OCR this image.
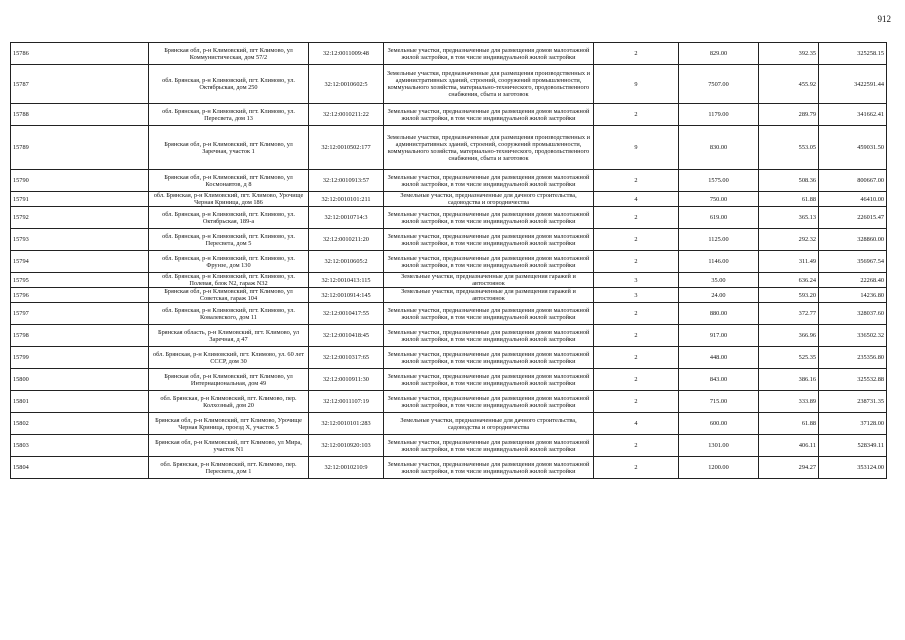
912
15786	Брянская обл, р-н Климовский, пгт Климово, ул Коммунистическая, дом 57/2	32:12:0011009:48	Земельные участки, предназначенные для размещения домов малоэтажной жилой застройки, в том числе индивидуальной жилой застройки	2	829.00	392.35	325258.15
15787	обл. Брянская, р-н Климовский, пгт. Климово, ул. Октябрьская, дом 250	32:12:0010602:5	Земельные участки, предназначенные для размещения производственных и административных зданий, строений, сооружений промышленности, коммунального хозяйства, материально-технического, продовольственного снабжения, сбыта и заготовок	9	7507.00	455.92	3422591.44
15788	обл. Брянская, р-н Климовский, пгт. Климово, ул. Пересвета, дом 13	32:12:0010211:22	Земельные участки, предназначенные для размещения домов малоэтажной жилой застройки, в том числе индивидуальной жилой застройки	2	1179.00	289.79	341662.41
15789	Брянская обл, р-н Климовский, пгт Климово, ул Заречная, участок 1	32:12:0010502:177	Земельные участки, предназначенные для размещения производственных и административных зданий, строений, сооружений промышленности, коммунального хозяйства, материально-технического, продовольственного снабжения, сбыта и заготовок	9	830.00	553.05	459031.50
15790	Брянская обл, р-н Климовский, пгт Климово, ул Космонавтов, д 8	32:12:0010913:57	Земельные участки, предназначенные для размещения домов малоэтажной жилой застройки, в том числе индивидуальной жилой застройки	2	1575.00	508.36	800667.00
15791	обл. Брянская, р-н Климовский, пгт. Климово, Урочище Черная Криница, дом 186	32:12:0010101:211	Земельные участки, предназначенные для дачного строительства, садоводства и огородничества	4	750.00	61.88	46410.00
15792	обл. Брянская, р-н Климовский, пгт. Климово, ул. Октябрьская, 189-а	32:12:0010714:3	Земельные участки, предназначенные для размещения домов малоэтажной жилой застройки, в том числе индивидуальной жилой застройки	2	619.00	365.13	226015.47
15793	обл. Брянская, р-н Климовский, пгт. Климово, ул. Пересвета, дом 5	32:12:0010211:20	Земельные участки, предназначенные для размещения домов малоэтажной жилой застройки, в том числе индивидуальной жилой застройки	2	1125.00	292.32	328860.00
15794	обл. Брянская, р-н Климовский, пгт. Климово, ул. Фрунзе, дом 130	32:12:0010605:2	Земельные участки, предназначенные для размещения домов малоэтажной жилой застройки, в том числе индивидуальной жилой застройки	2	1146.00	311.49	356967.54
15795	обл. Брянская, р-н Климовский, пгт. Климово, ул. Полевая, блок N2, гараж N32	32:12:0010413:115	Земельные участки, предназначенные для размещения гаражей и автостоянок	3	35.00	636.24	22268.40
15796	Брянская обл, р-н Климовский, пгт Климово, ул Советская, гараж 104	32:12:0010914:145	Земельные участки, предназначенные для размещения гаражей и автостоянок	3	24.00	593.20	14236.80
15797	обл. Брянская, р-н Климовский, пгт. Климово, ул. Ковалевского, дом 11	32:12:0010417:55	Земельные участки, предназначенные для размещения домов малоэтажной жилой застройки, в том числе индивидуальной жилой застройки	2	880.00	372.77	328037.60
15798	Брянская область, р-н Климовский, пгт. Климово, ул Заречная, д 47	32:12:0010418:45	Земельные участки, предназначенные для размещения домов малоэтажной жилой застройки, в том числе индивидуальной жилой застройки	2	917.00	366.96	336502.32
15799	обл. Брянская, р-н Климовский, пгт. Климово, ул. 60 лет СССР, дом 30	32:12:0010317:65	Земельные участки, предназначенные для размещения домов малоэтажной жилой застройки, в том числе индивидуальной жилой застройки	2	448.00	525.35	235356.80
15800	Брянская обл, р-н Климовский, пгт Климово, ул Интернациональная, дом 49	32:12:0010911:30	Земельные участки, предназначенные для размещения домов малоэтажной жилой застройки, в том числе индивидуальной жилой застройки	2	843.00	386.16	325532.88
15801	обл. Брянская, р-н Климовский, пгт. Климово, пер. Колхозный, дом 20	32:12:0011107:19	Земельные участки, предназначенные для размещения домов малоэтажной жилой застройки, в том числе индивидуальной жилой застройки	2	715.00	333.89	238731.35
15802	Брянская обл, р-н Климовский, пгт Климово, Урочище Черная Криница, проезд Х, участок 5	32:12:0010101:283	Земельные участки, предназначенные для дачного строительства, садоводства и огородничества	4	600.00	61.88	37128.00
15803	Брянская обл, р-н Климовский, пгт Климово, ул Мира, участок N1	32:12:0010920:103	Земельные участки, предназначенные для размещения домов малоэтажной жилой застройки, в том числе индивидуальной жилой застройки	2	1301.00	406.11	528349.11
15804	обл. Брянская, р-н Климовский, пгт. Климово, пер. Пересвета, дом 1	32:12:0010210:9	Земельные участки, предназначенные для размещения домов малоэтажной жилой застройки, в том числе индивидуальной жилой застройки	2	1200.00	294.27	353124.00
